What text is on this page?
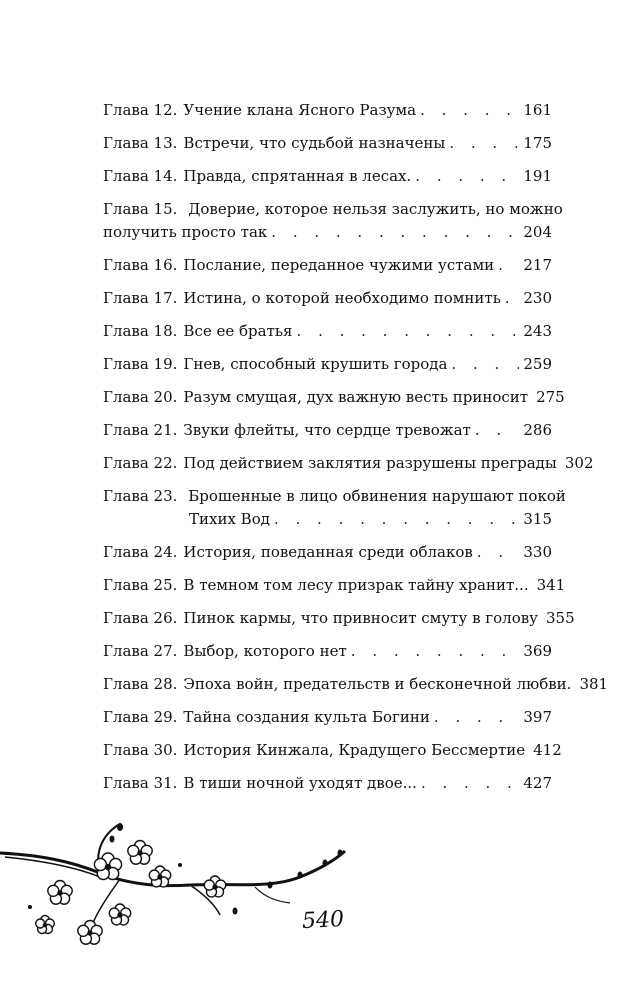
Глава 12. Учение клана Ясного Разума . . .	161
Глава 13. Встречи, что судьбой назначены . . .	175
Глава 14. Правда, спрятанная в лесах. . . .	191
Глава 15. Доверие, которое нельзя заслужить, но можно
получить просто так . . .	204
Глава 16. Послание, переданное чужими устами . . . 217
Глава 17. Истина, о которой необходимо помнить . . . 230
Глава 18. Все ее братья . . .	243
Глава 19. Гнев, способный крушить города . . .	259
Глава 20. Разум смущая, дух важную весть приносит 275
Глава 21. Звуки флейты, что сердце тревожат . . .	286
Глава 22. Под действием заклятия разрушены преграды 302
Глава 23. Брошенные в лицо обвинения нарушают покой
Тихих Вод . . .	315
Глава 24. История, поведанная среди облаков . . .	330
Глава 25. В темном том лесу призрак тайну хранит... 341
Глава 26. Пинок кармы, что привносит смуту в голову 355
Глава 27. Выбор, которого нет . . .	369
Глава 28. Эпоха войн, предательств и бесконечной любви. 381
Глава 29. Тайна создания культа Богини . . .	397
Глава 30. История Кинжала, Крадущего Бессмертие 412
Глава 31. В тиши ночной уходят двое... . . .	427
540
